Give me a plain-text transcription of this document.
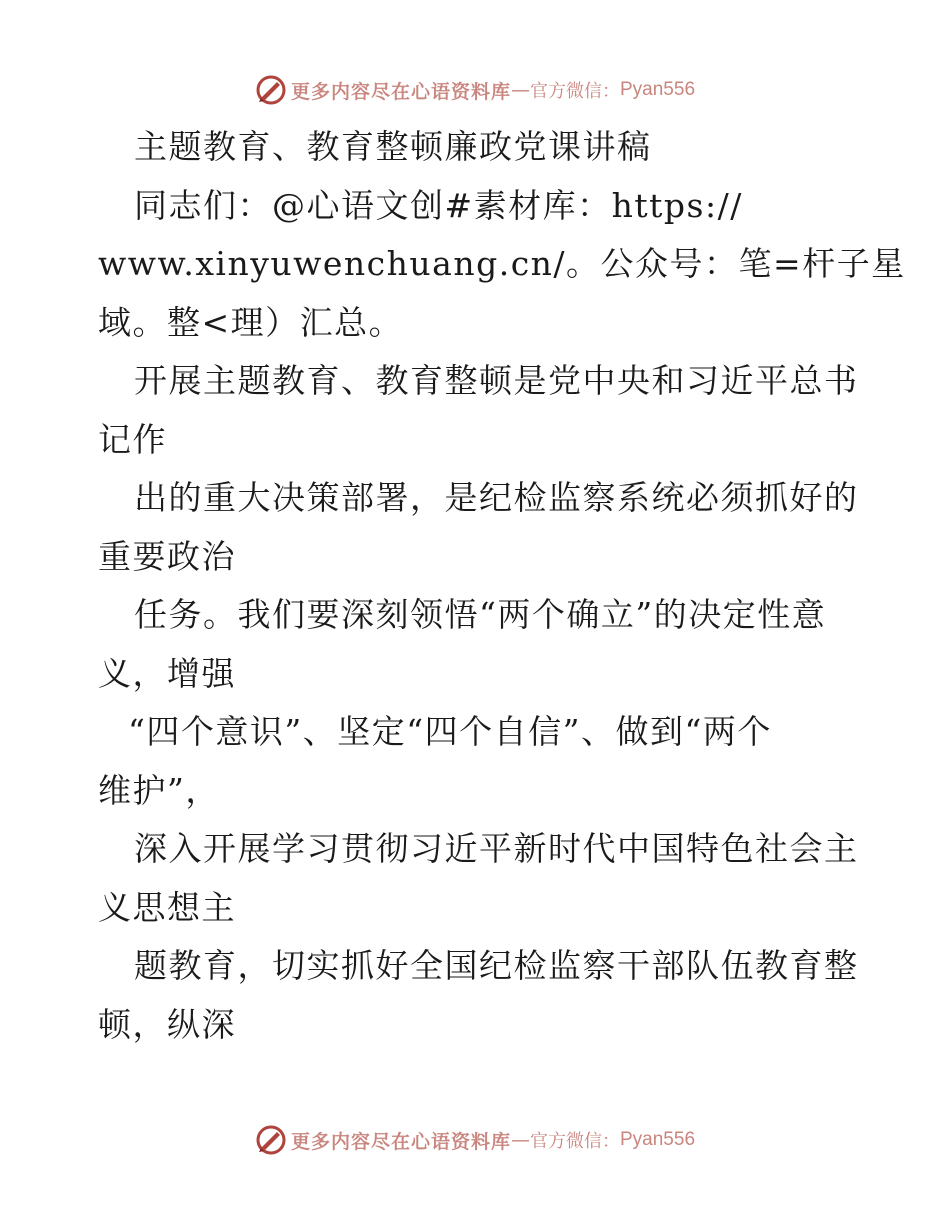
更多内容尽在心语资料库 — 官方微信： Pyan556

主题教育、教育整顿廉政党课讲稿

同志们：@心语文创#素材库：https://

www.xinyuwenchuang.cn/。公众号：笔=杆子星

域。整<理）汇总。

开展主题教育、教育整顿是党中央和习近平总书

记作

出的重大决策部署，是纪检监察系统必须抓好的

重要政治

任务。我们要深刻领悟“两个确立”的决定性意

义，增强

“四个意识”、坚定“四个自信”、做到“两个

维护”，

深入开展学习贯彻习近平新时代中国特色社会主

义思想主

题教育，切实抓好全国纪检监察干部队伍教育整

顿，纵深

更多内容尽在心语资料库 — 官方微信： Pyan556
